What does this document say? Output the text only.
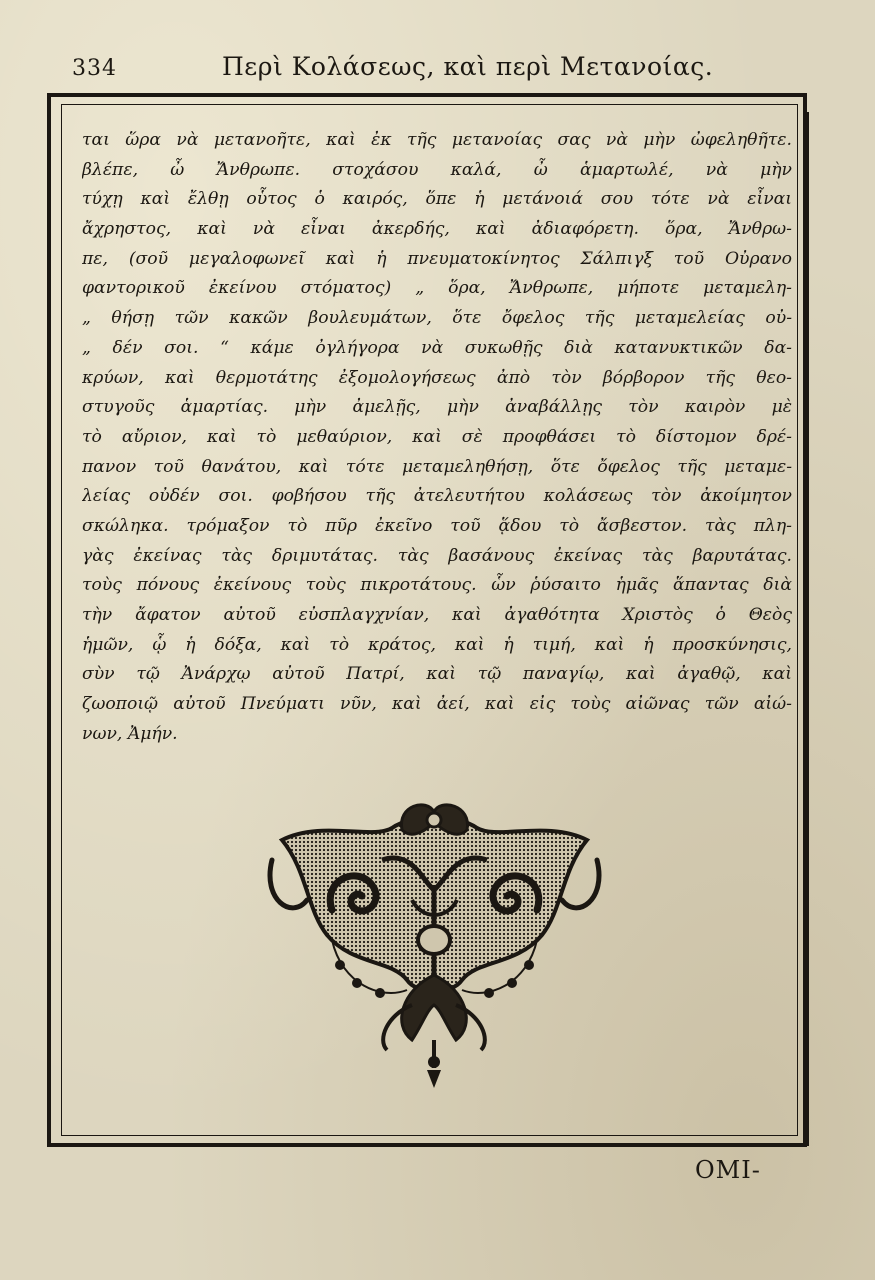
334	Περὶ Κολάσεως, καὶ περὶ Μετανοίας.
ται ὥρα νὰ μετανοῆτε, καὶ ἐκ τῆς μετανοίας σας νὰ μὴν ὠφεληθῆτε.
βλέπε, ὦ Ἄνθρωπε. στοχάσου καλά, ὦ ἁμαρτωλέ, νὰ μὴν
τύχῃ καὶ ἔλθῃ οὗτος ὁ καιρός, ὅπε ἡ μετάνοιά σου τότε νὰ εἶναι
ἄχρηστος, καὶ νὰ εἶναι ἀκερδής, καὶ ἀδιαφόρετη. ὅρα, Ἄνθρω-
πε, (σοῦ μεγαλοφωνεῖ καὶ ἡ πνευματοκίνητος Σάλπιγξ τοῦ Οὐρανο
φαντορικοῦ ἐκείνου στόματος) „ ὅρα, Ἄνθρωπε, μήποτε μεταμελη-
„ θήσῃ τῶν κακῶν βουλευμάτων, ὅτε ὄφελος τῆς μεταμελείας οὐ-
„ δέν σοι. “ κάμε ὀγλήγορα νὰ συκωθῇς διὰ κατανυκτικῶν δα-
κρύων, καὶ θερμοτάτης ἐξομολογήσεως ἀπὸ τὸν βόρβορον τῆς θεο-
στυγοῦς ἁμαρτίας. μὴν ἀμελῇς, μὴν ἀναβάλλῃς τὸν καιρὸν μὲ
τὸ αὔριον, καὶ τὸ μεθαύριον, καὶ σὲ προφθάσει τὸ δίστομον δρέ-
πανον τοῦ θανάτου, καὶ τότε μεταμεληθήσῃ, ὅτε ὄφελος τῆς μεταμε-
λείας οὐδέν σοι. φοβήσου τῆς ἀτελευτήτου κολάσεως τὸν ἀκοίμητον
σκώληκα. τρόμαξον τὸ πῦρ ἐκεῖνο τοῦ ᾅδου τὸ ἄσβεστον. τὰς πλη-
γὰς ἐκείνας τὰς δριμυτάτας. τὰς βασάνους ἐκείνας τὰς βαρυτάτας.
τοὺς πόνους ἐκείνους τοὺς πικροτάτους. ὧν ῥύσαιτο ἡμᾶς ἅπαντας διὰ
τὴν ἄφατον αὐτοῦ εὐσπλαγχνίαν, καὶ ἀγαθότητα Χριστὸς ὁ Θεὸς
ἡμῶν, ᾧ ἡ δόξα, καὶ τὸ κράτος, καὶ ἡ τιμή, καὶ ἡ προσκύνησις,
σὺν τῷ Ἀνάρχῳ αὐτοῦ Πατρί, καὶ τῷ παναγίῳ, καὶ ἀγαθῷ, καὶ
ζωοποιῷ αὐτοῦ Πνεύματι νῦν, καὶ ἀεί, καὶ εἰς τοὺς αἰῶνας τῶν αἰώ-
νων, Ἀμήν.
ΟΜΙ-
